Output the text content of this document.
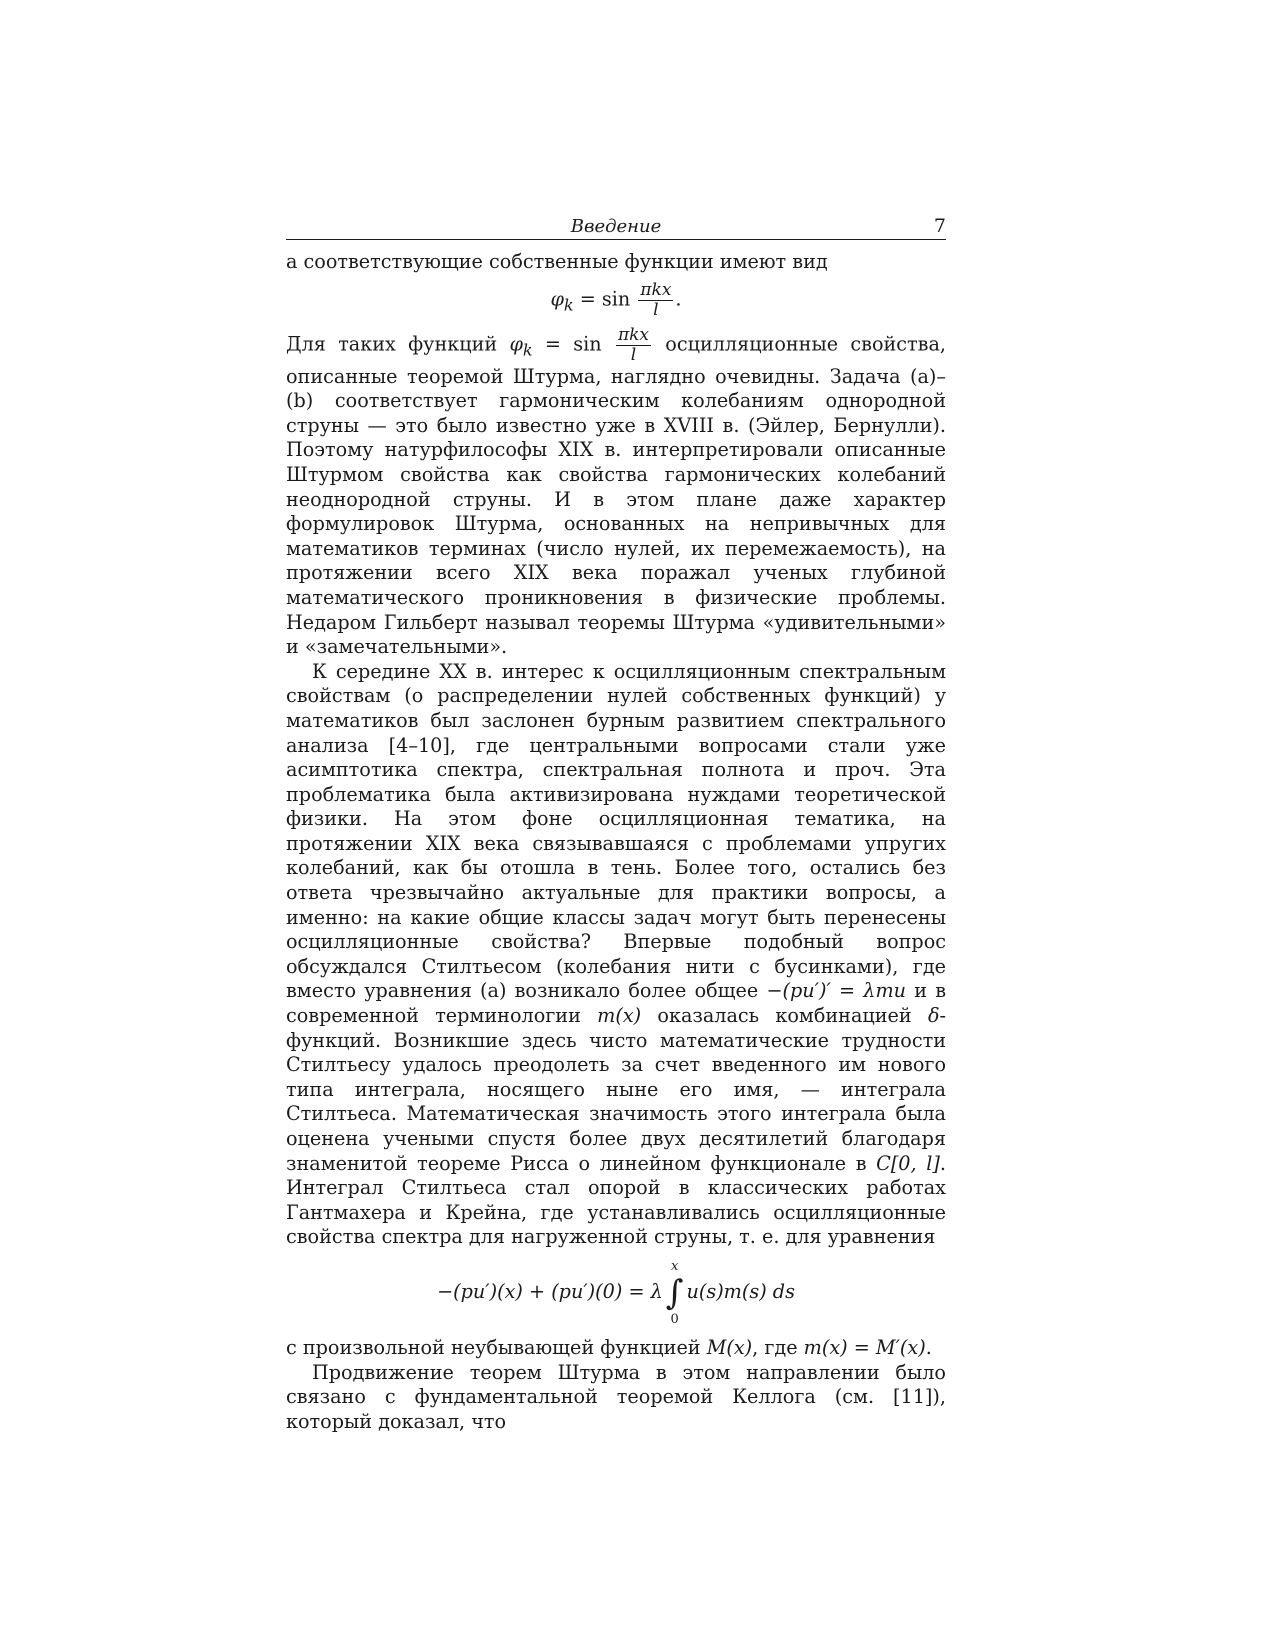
Введение	7

а соответствующие собственные функции имеют вид

$\varphi_k = \sin \frac{\text{πkx}}{l}$ .

Для таких функций $\varphi_k = \sin \frac{\text{πkx}}{l}$ осцилляционные свойства, описанные теоремой Штурма, наглядно очевидны. Задача (a)–(b) соответствует гармоническим колебаниям однородной струны — это было известно уже в XVIII в. (Эйлер, Бернулли). Поэтому натурфилософы XIX в. интерпретировали описанные Штурмом свойства как свойства гармонических колебаний неоднородной струны. И в этом плане даже характер формулировок Штурма, основанных на непривычных для математиков терминах (число нулей, их перемежаемость), на протяжении всего XIX века поражал ученых глубиной математического проникновения в физические проблемы. Недаром Гильберт называл теоремы Штурма «удивительными» и «замечательными».

К середине XX в. интерес к осцилляционным спектральным свойствам (о распределении нулей собственных функций) у математиков был заслонен бурным развитием спектрального анализа [4–10], где центральными вопросами стали уже асимптотика спектра, спектральная полнота и проч. Эта проблематика была активизирована нуждами теоретической физики. На этом фоне осцилляционная тематика, на протяжении XIX века связывавшаяся с проблемами упругих колебаний, как бы отошла в тень. Более того, остались без ответа чрезвычайно актуальные для практики вопросы, а именно: на какие общие классы задач могут быть перенесены осцилляционные свойства? Впервые подобный вопрос обсуждался Стилтьесом (колебания нити с бусинками), где вместо уравнения (a) возникало более общее −(pu′)′ = λmu и в современной терминологии m(x) оказалась комбинацией δ-функций. Возникшие здесь чисто математические трудности Стилтьесу удалось преодолеть за счет введенного им нового типа интеграла, носящего ныне его имя, — интеграла Стилтьеса. Математическая значимость этого интеграла была оценена учеными спустя более двух десятилетий благодаря знаменитой теореме Рисса о линейном функционале в C[0, l]. Интеграл Стилтьеса стал опорой в классических работах Гантмахера и Крейна, где устанавливались осцилляционные свойства спектра для нагруженной струны, т. е. для уравнения

−(pu′)(x) + (pu′)(0) = λ
x
∫
0
u(s)m(s) ds

с произвольной неубывающей функцией M(x), где m(x) = M′(x).

Продвижение теорем Штурма в этом направлении было связано с фундаментальной теоремой Келлога (см. [11]), который доказал, что
